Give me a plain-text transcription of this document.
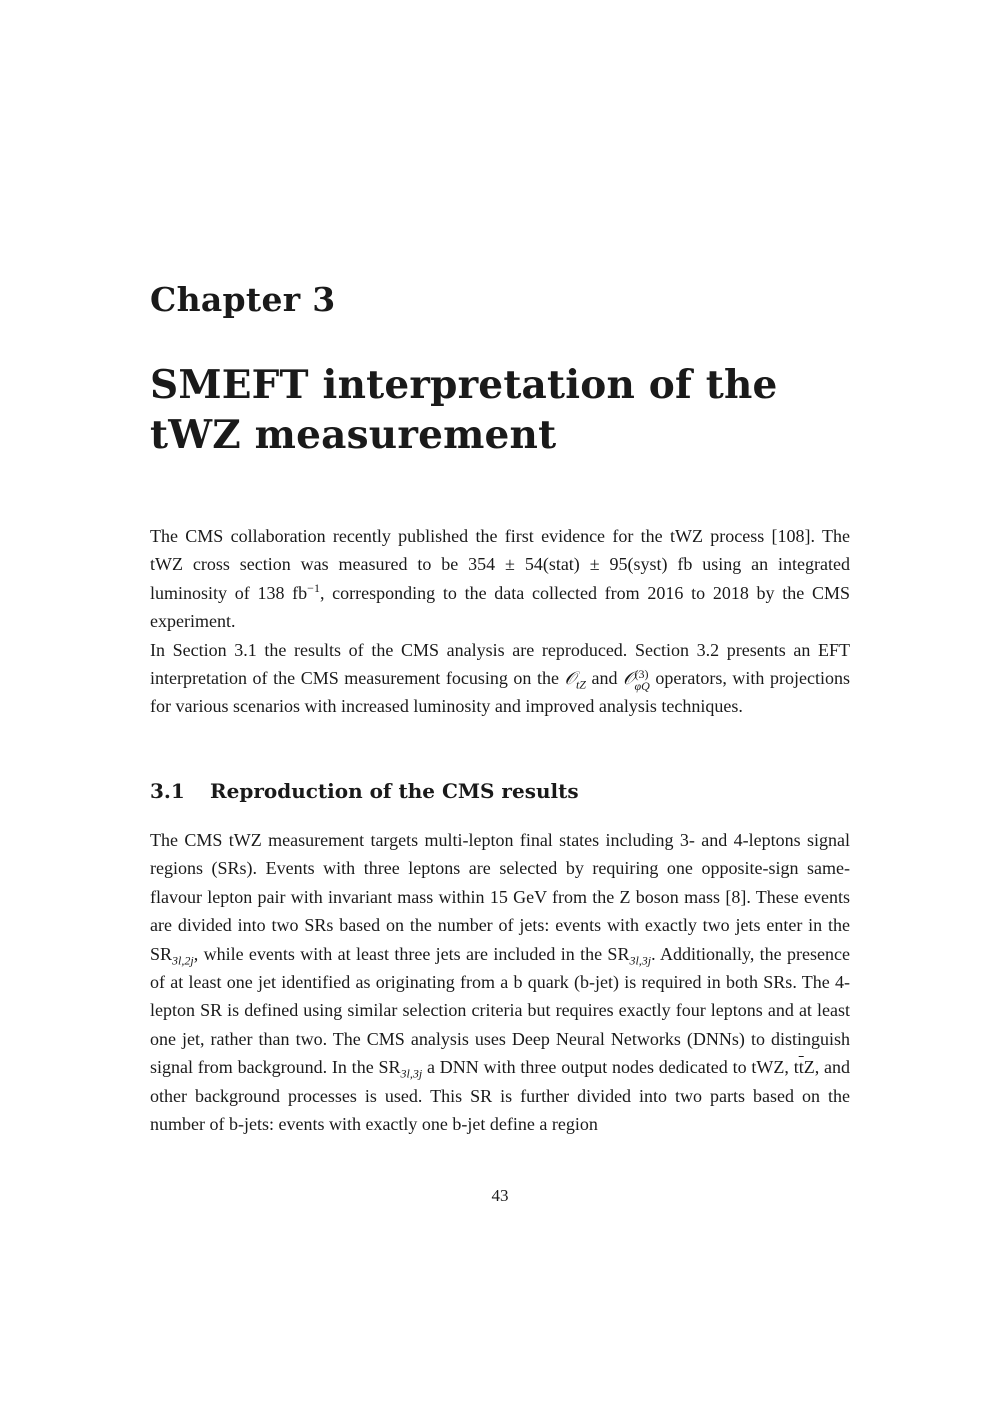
Chapter 3
SMEFT interpretation of the
tWZ measurement

The CMS collaboration recently published the first evidence for the tWZ process [108]. The tWZ cross section was measured to be 354 ± 54(stat) ± 95(syst) fb using an integrated luminosity of 138 $fb^{-1}$, corresponding to the data collected from 2016 to 2018 by the CMS experiment.

In Section 3.1 the results of the CMS analysis are reproduced. Section 3.2 presents an EFT interpretation of the CMS measurement focusing on the 𝒪$_{tZ}$ and 𝒪 (3)
φQ operators, with projections for various scenarios with increased luminosity and improved analysis techniques.

3.1 Reproduction of the CMS results

The CMS tWZ measurement targets multi-lepton final states including 3- and 4-leptons signal regions (SRs). Events with three leptons are selected by requiring one opposite-sign same-flavour lepton pair with invariant mass within 15 GeV from the Z boson mass [8]. These events are divided into two SRs based on the number of jets: events with exactly two jets enter in the $SR_{3l,2j}$, while events with at least three jets are included in the $SR_{3l,3j}$. Additionally, the presence of at least one jet identified as originating from a b quark (b-jet) is required in both SRs. The 4-lepton SR is defined using similar selection criteria but requires exactly four leptons and at least one jet, rather than two. The CMS analysis uses Deep Neural Networks (DNNs) to distinguish signal from background. In the $SR_{3l,3j}$ a DNN with three output nodes dedicated to tWZ, $t\overline{t}Z$, and other background processes is used. This SR is further divided into two parts based on the number of b-jets: events with exactly one b-jet define a region

43
